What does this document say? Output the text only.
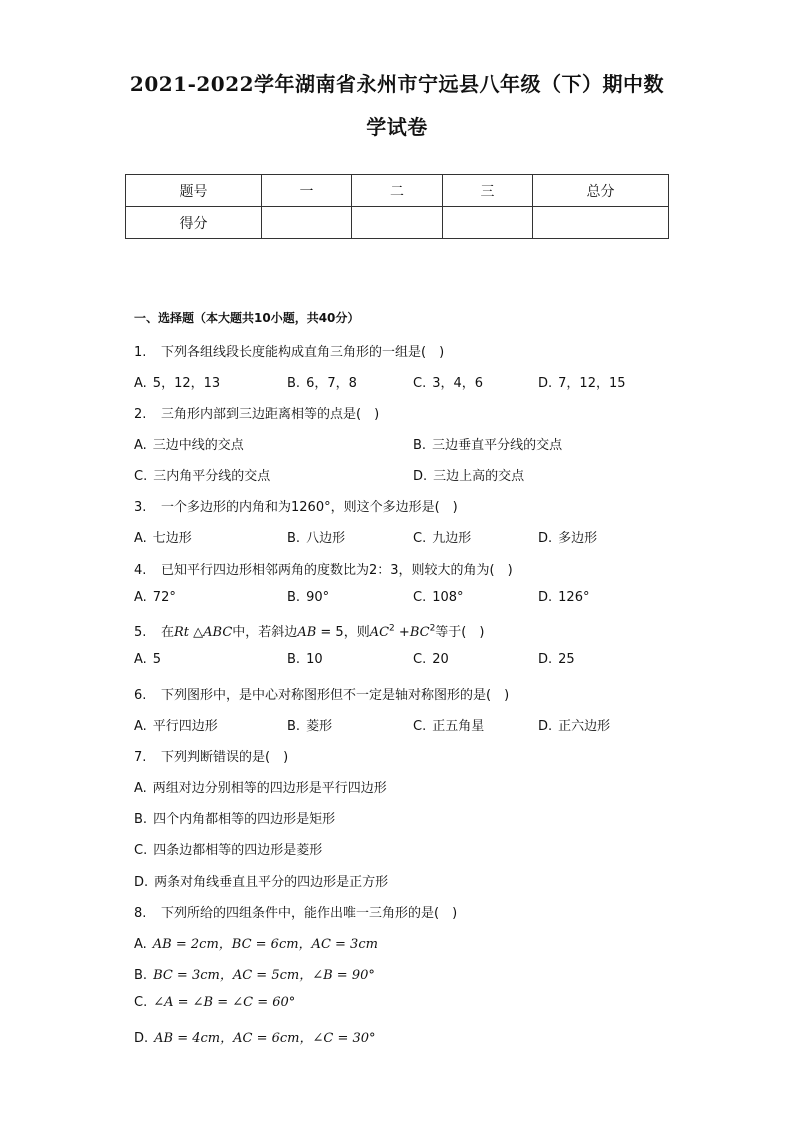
2021-2022学年湖南省永州市宁远县八年级（下）期中数
学试卷
题号	一	二	三	总分
得分				
一、选择题（本大题共10小题，共40分）
1. 下列各组线段长度能构成直角三角形的一组是(　)
A. 5，12，13	B. 6，7，8	C. 3，4，6	D. 7，12，15
2. 三角形内部到三边距离相等的点是(　)
A. 三边中线的交点	B. 三边垂直平分线的交点
C. 三内角平分线的交点	D. 三边上高的交点
3. 一个多边形的内角和为1260°，则这个多边形是(　)
A. 七边形	B. 八边形	C. 九边形	D. 多边形
4. 已知平行四边形相邻两角的度数比为2：3，则较大的角为(　)
A. 72°	B. 90°	C. 108°	D. 126°
5. 在Rt △ABC中，若斜边AB = 5，则$AC^2 +BC^2$等于(　)
A. 5	B. 10	C. 20	D. 25
6. 下列图形中，是中心对称图形但不一定是轴对称图形的是(　)
A. 平行四边形	B. 菱形	C. 正五角星	D. 正六边形
7. 下列判断错误的是(　)
A. 两组对边分别相等的四边形是平行四边形
B. 四个内角都相等的四边形是矩形
C. 四条边都相等的四边形是菱形
D. 两条对角线垂直且平分的四边形是正方形
8. 下列所给的四组条件中，能作出唯一三角形的是(　)
A. AB = 2cm，BC = 6cm，AC = 3cm
B. BC = 3cm，AC = 5cm，∠B = 90°
C. ∠A = ∠B = ∠C = 60°
D. AB = 4cm，AC = 6cm，∠C = 30°
